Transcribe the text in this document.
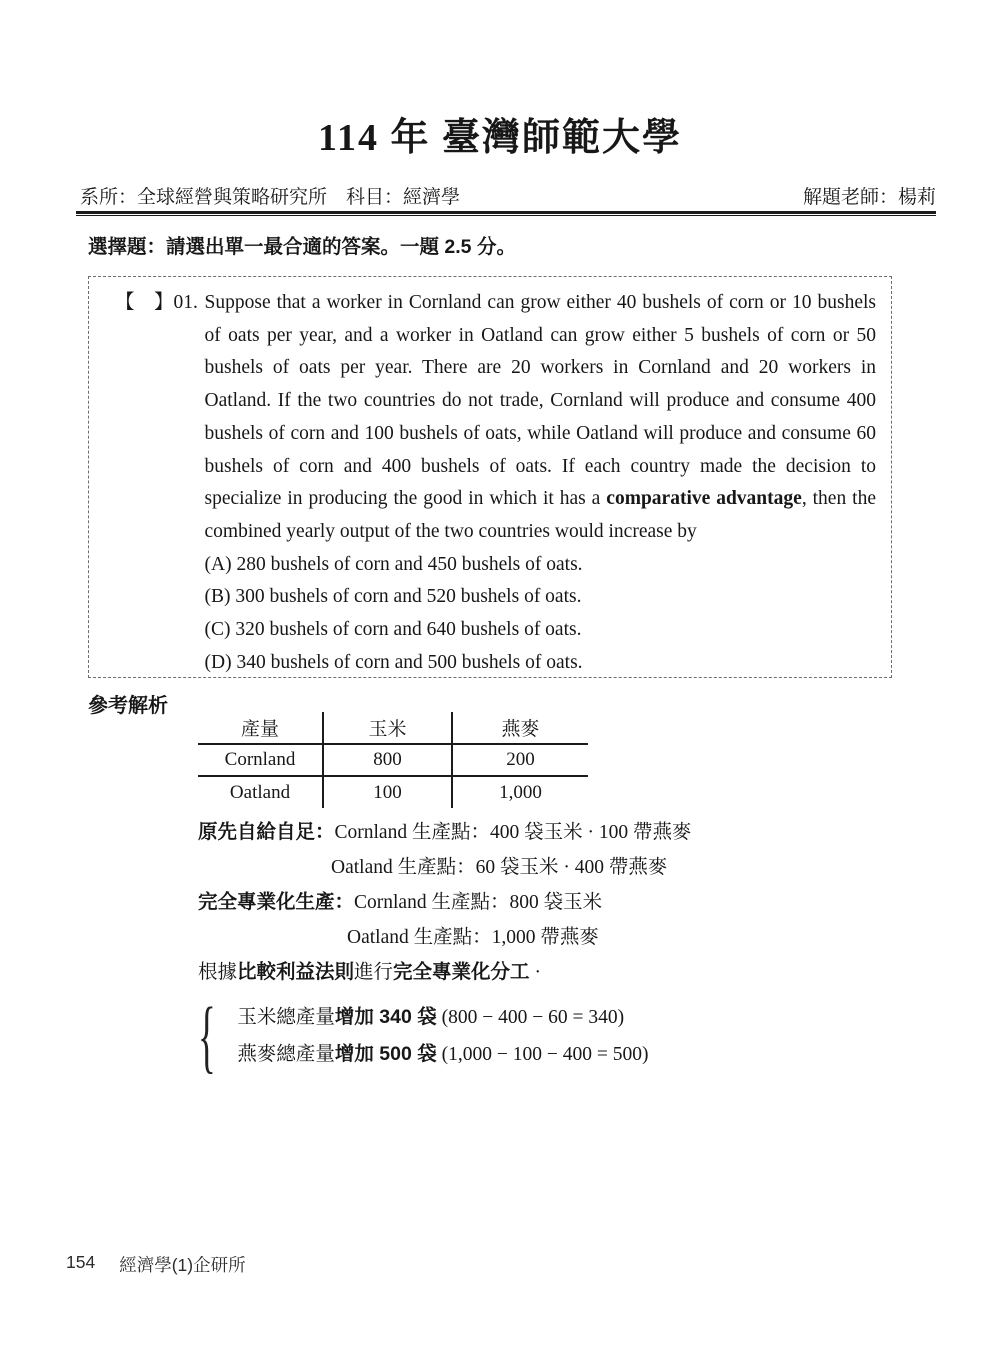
114 年 臺灣師範大學
系所：全球經營與策略研究所　科目：經濟學	解題老師：楊莉
選擇題：請選出單一最合適的答案。一題 2.5 分。
【　】 01. Suppose that a worker in Cornland can grow either 40 bushels of corn or 10 bushels of oats per year, and a worker in Oatland can grow either 5 bushels of corn or 50 bushels of oats per year. There are 20 workers in Cornland and 20 workers in Oatland. If the two countries do not trade, Cornland will produce and consume 400 bushels of corn and 100 bushels of oats, while Oatland will produce and consume 60 bushels of corn and 400 bushels of oats. If each country made the decision to specialize in producing the good in which it has a comparative advantage, then the combined yearly output of the two countries would increase by

(A) 280 bushels of corn and 450 bushels of oats.
(B) 300 bushels of corn and 520 bushels of oats.
(C) 320 bushels of corn and 640 bushels of oats.
(D) 340 bushels of corn and 500 bushels of oats.
參考解析
產量	玉米	燕麥
Cornland	800	200
Oatland	100	1,000
原先自給自足：Cornland 生產點：400 袋玉米 · 100 帶燕麥
Oatland 生產點：60 袋玉米 · 400 帶燕麥
完全專業化生產：Cornland 生產點：800 袋玉米
Oatland 生產點：1,000 帶燕麥
根據比較利益法則進行完全專業化分工 ·
{ 玉米總產量增加 340 袋 (800 − 400 − 60 = 340)
燕麥總產量增加 500 袋 (1,000 − 100 − 400 = 500)
154 經濟學(1)企研所
